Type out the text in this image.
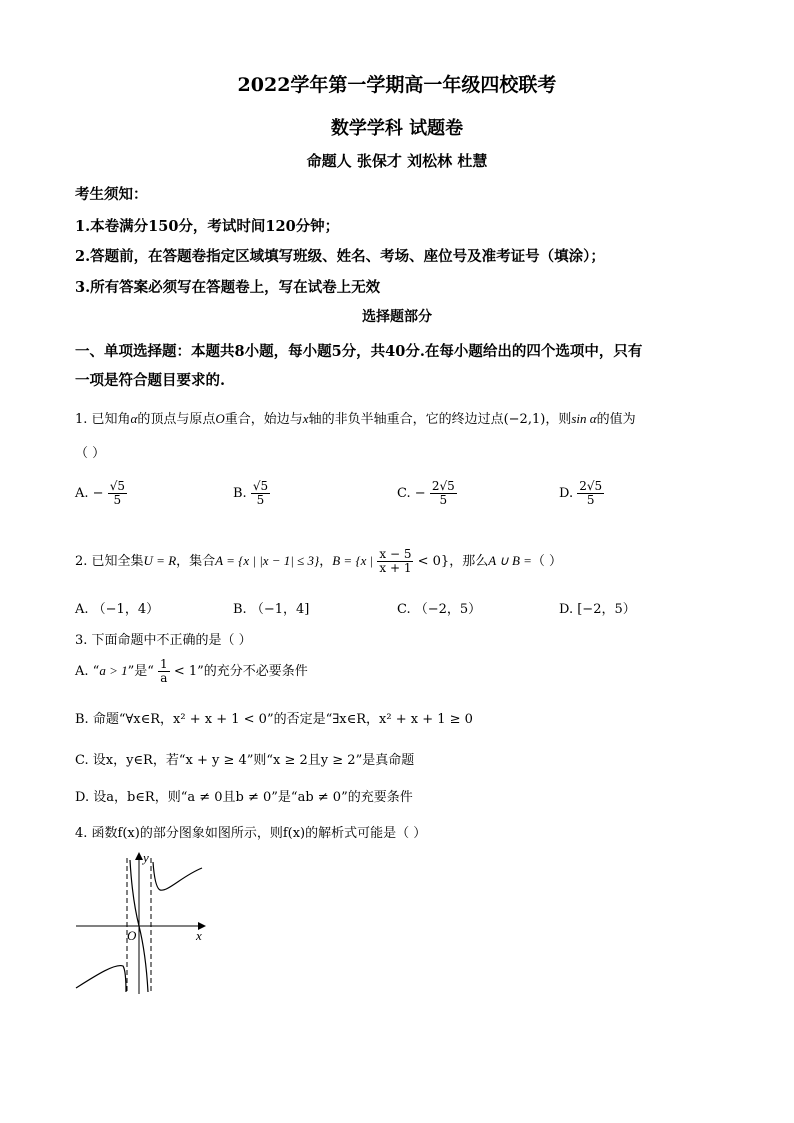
2022学年第一学期高一年级四校联考
数学学科 试题卷
命题人 张保才 刘松林 杜慧
考生须知：
1.本卷满分150分，考试时间120分钟；
2.答题前，在答题卷指定区域填写班级、姓名、考场、座位号及准考证号（填涂）；
3.所有答案必须写在答题卷上，写在试卷上无效
选择题部分
一、单项选择题：本题共8小题，每小题5分，共40分.在每小题给出的四个选项中，只有
一项是符合题目要求的.
1. 已知角α的顶点与原点O重合，始边与x轴的非负半轴重合，它的终边过点(−2,1)，则sin α的值为
（ ）
A. − $\frac{√5}{5}$	B. $\frac{√5}{5}$	C. − $\frac{2√5}{5}$	D. $\frac{2√5}{5}$
2. 已知全集U = R，集合A = {x | |x − 1| ≤ 3}，B = {x | $\frac{x - 5}{x + 1} < 0$}，那么A ∪ B =（ ）
A. （−1，4）	B. （−1，4]	C. （−2，5）	D. [−2，5）
3. 下面命题中不正确的是（ ）
A. “a > 1”是“ $\frac{1}{a} < 1$”的充分不必要条件
B. 命题“∀x∈R，x² + x + 1 < 0”的否定是“∃x∈R，x² + x + 1 ≥ 0
C. 设x，y∈R，若“x + y ≥ 4”则“x ≥ 2且y ≥ 2”是真命题
D. 设a，b∈R，则“a ≠ 0且b ≠ 0”是“ab ≠ 0”的充要条件
4. 函数f(x)的部分图象如图所示，则f(x)的解析式可能是（ ）
y
x
O
